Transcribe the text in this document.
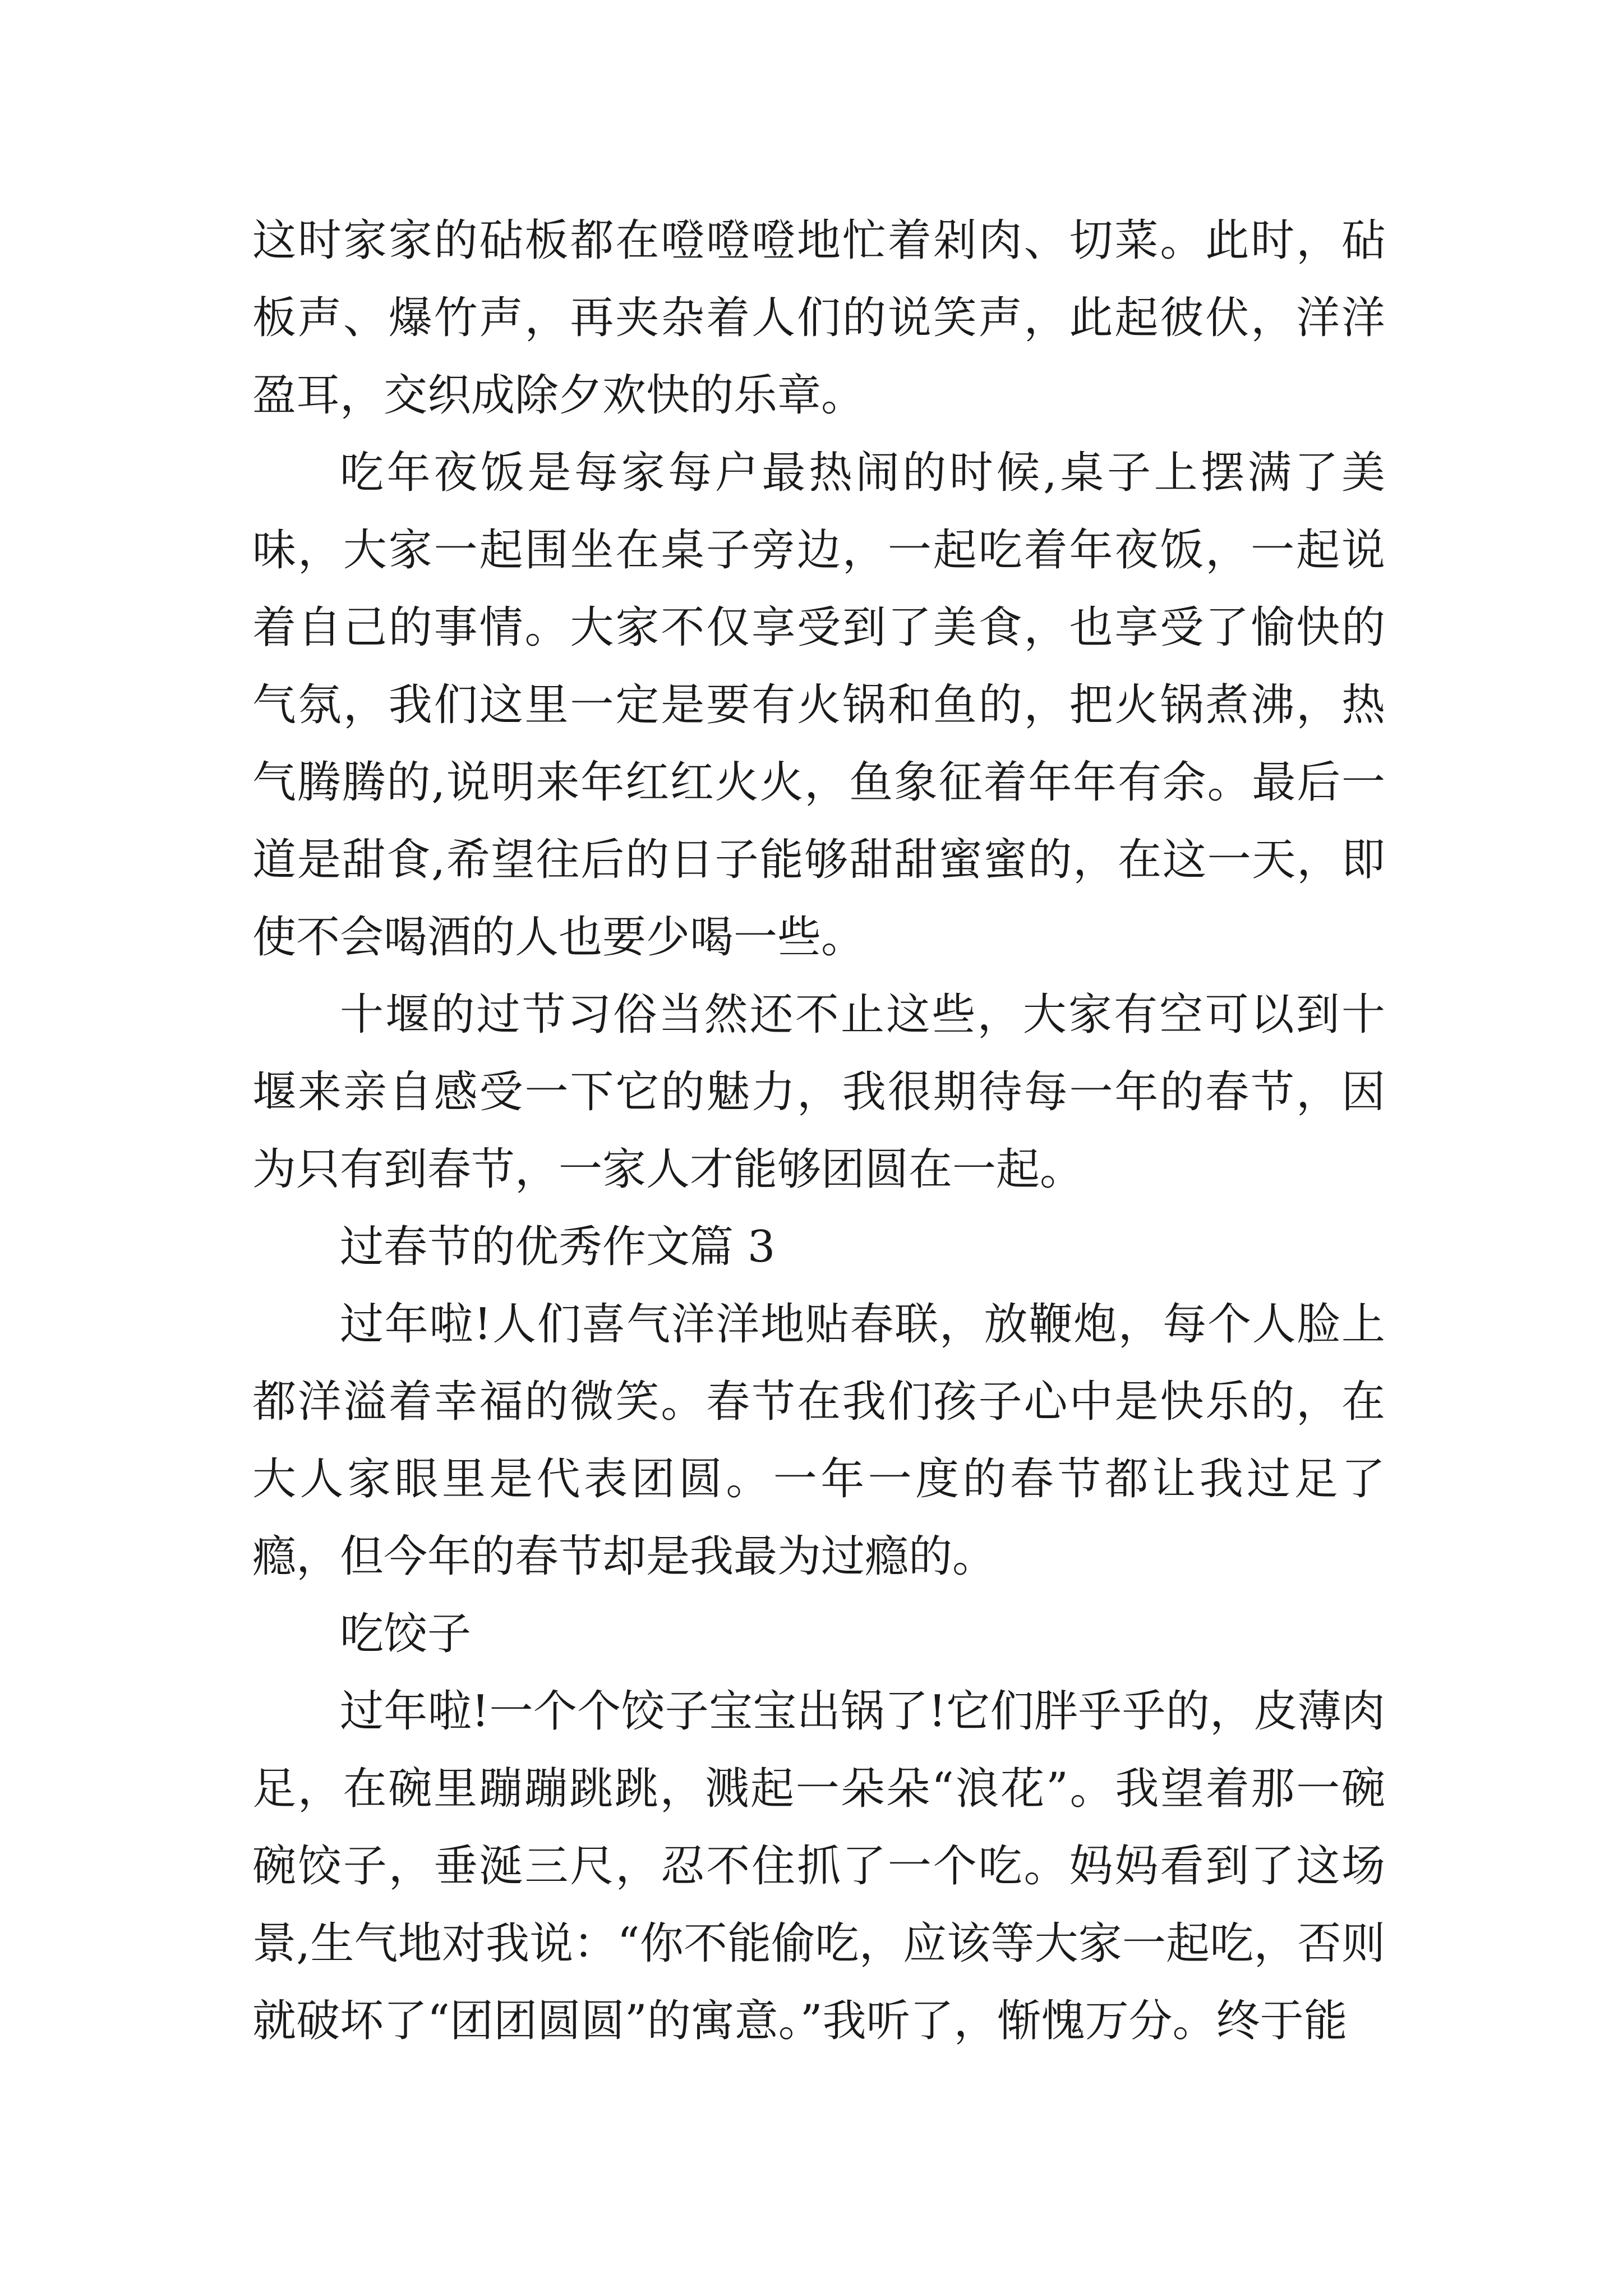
这时家家的砧板都在噔噔噔地忙着剁肉、切菜。此时，砧板声、爆竹声，再夹杂着人们的说笑声，此起彼伏，洋洋盈耳，交织成除夕欢快的乐章。

吃年夜饭是每家每户最热闹的时候,桌子上摆满了美味，大家一起围坐在桌子旁边，一起吃着年夜饭，一起说着自己的事情。大家不仅享受到了美食，也享受了愉快的气氛，我们这里一定是要有火锅和鱼的，把火锅煮沸，热气腾腾的,说明来年红红火火，鱼象征着年年有余。最后一道是甜食,希望往后的日子能够甜甜蜜蜜的，在这一天，即使不会喝酒的人也要少喝一些。

十堰的过节习俗当然还不止这些，大家有空可以到十堰来亲自感受一下它的魅力，我很期待每一年的春节，因为只有到春节，一家人才能够团圆在一起。

过春节的优秀作文篇 3

过年啦!人们喜气洋洋地贴春联，放鞭炮，每个人脸上都洋溢着幸福的微笑。春节在我们孩子心中是快乐的，在大人家眼里是代表团圆。一年一度的春节都让我过足了瘾，但今年的春节却是我最为过瘾的。

吃饺子

过年啦!一个个饺子宝宝出锅了!它们胖乎乎的，皮薄肉足，在碗里蹦蹦跳跳，溅起一朵朵“浪花”。我望着那一碗碗饺子，垂涎三尺，忍不住抓了一个吃。妈妈看到了这场景,生气地对我说：“你不能偷吃，应该等大家一起吃，否则就破坏了“团团圆圆”的寓意。”我听了，惭愧万分。终于能
